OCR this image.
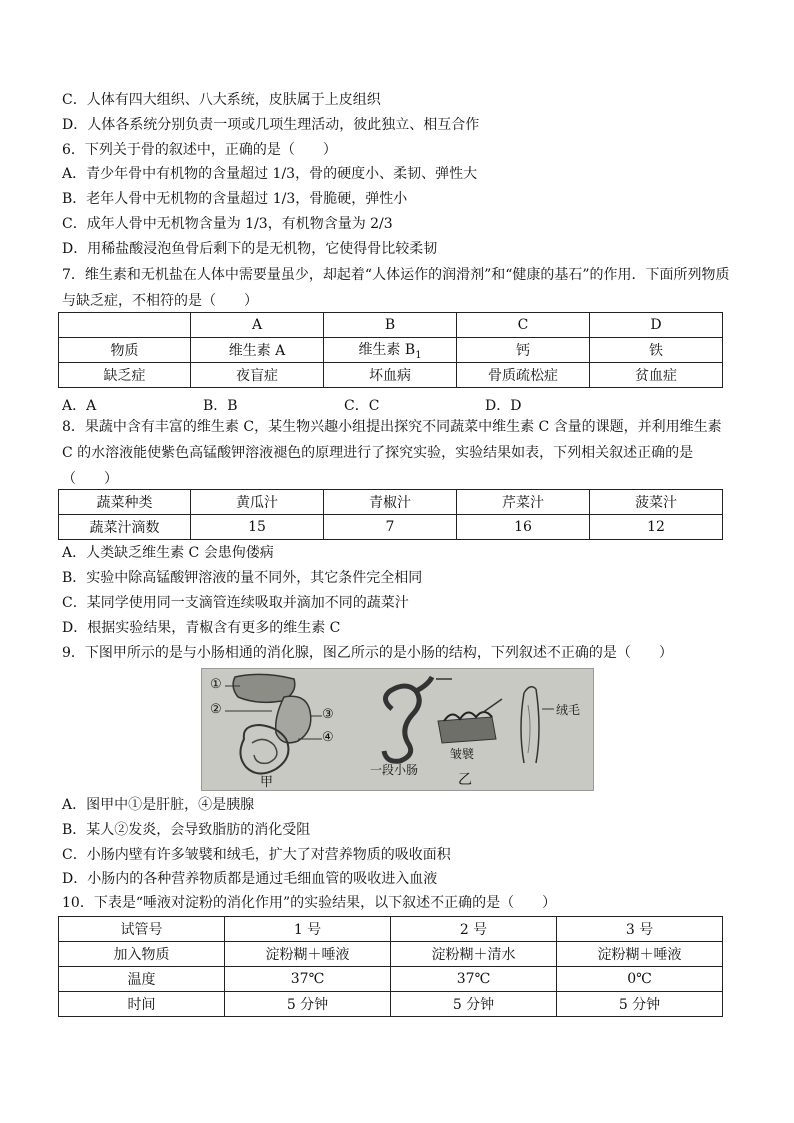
C．人体有四大组织、八大系统，皮肤属于上皮组织
D．人体各系统分别负责一项或几项生理活动，彼此独立、相互合作
6．下列关于骨的叙述中，正确的是（　　）
A．青少年骨中有机物的含量超过 1/3，骨的硬度小、柔韧、弹性大
B．老年人骨中无机物的含量超过 1/3，骨脆硬，弹性小
C．成年人骨中无机物含量为 1/3，有机物含量为 2/3
D．用稀盐酸浸泡鱼骨后剩下的是无机物，它使得骨比较柔韧
7．维生素和无机盐在人体中需要量虽少，却起着“人体运作的润滑剂”和“健康的基石”的作用．下面所列物质与缺乏症，不相符的是（　　）
	A	B	C	D
物质	维生素 A	维生素 $B_1$	钙	铁
缺乏症	夜盲症	坏血病	骨质疏松症	贫血症
A．A	B．B	C．C	D．D
8．果蔬中含有丰富的维生素 C，某生物兴趣小组提出探究不同蔬菜中维生素 C 含量的课题，并利用维生素 C 的水溶液能使紫色高锰酸钾溶液褪色的原理进行了探究实验，实验结果如表，下列相关叙述正确的是（　　）
蔬菜种类	黄瓜汁	青椒汁	芹菜汁	菠菜汁
蔬菜汁滴数	15	7	16	12
A．人类缺乏维生素 C 会患佝偻病
B．实验中除高锰酸钾溶液的量不同外，其它条件完全相同
C．某同学使用同一支滴管连续吸取并滴加不同的蔬菜汁
D．根据实验结果，青椒含有更多的维生素 C
9．下图甲所示的是与小肠相通的消化腺，图乙所示的是小肠的结构，下列叙述不正确的是（　　）
①
②	③
④
甲
一段小肠
皱襞
乙
绒毛
A．图甲中①是肝脏，④是胰腺
B．某人②发炎，会导致脂肪的消化受阻
C．小肠内壁有许多皱襞和绒毛，扩大了对营养物质的吸收面积
D．小肠内的各种营养物质都是通过毛细血管的吸收进入血液
10．下表是“唾液对淀粉的消化作用”的实验结果，以下叙述不正确的是（　　）
试管号	1 号	2 号	3 号
加入物质	淀粉糊＋唾液	淀粉糊＋清水	淀粉糊＋唾液
温度	37℃	37℃	0℃
时间	5 分钟	5 分钟	5 分钟
